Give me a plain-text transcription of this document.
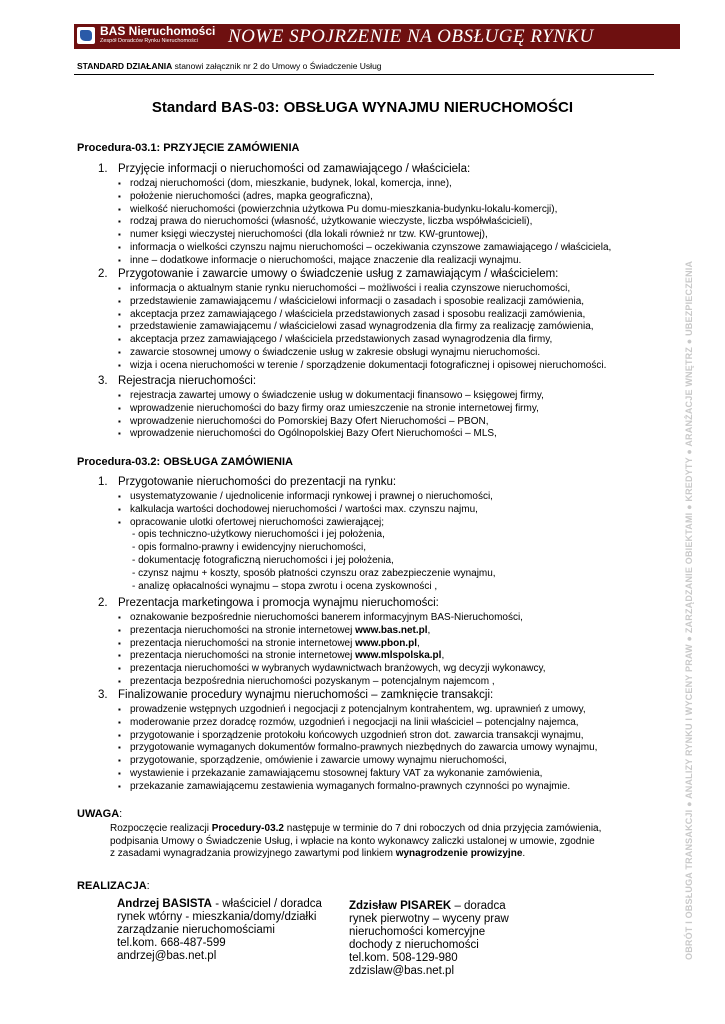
BAS Nieruchomości
Zespół Doradców Rynku Nieruchomości NOWE SPOJRZENIE NA OBSŁUGĘ RYNKU
STANDARD DZIAŁANIA stanowi załącznik nr 2 do Umowy o Świadczenie Usług
OBRÓT I OBSŁUGA TRANSAKCJI ● ANALIZY RYNKU I WYCENY PRAW ● ZARZĄDZANIE OBIEKTAMI ● KREDYTY ● ARANŻACJE WNĘTRZ ● UBEZPIECZENIA
Standard BAS-03: OBSŁUGA WYNAJMU NIERUCHOMOŚCI
Procedura-03.1: PRZYJĘCIE ZAMÓWIENIA
1. Przyjęcie informacji o nieruchomości od zamawiającego / właściciela:
▪ rodzaj nieruchomości (dom, mieszkanie, budynek, lokal, komercja, inne),
▪ położenie nieruchomości (adres, mapka geograficzna),
▪ wielkość nieruchomości (powierzchnia użytkowa Pu domu-mieszkania-budynku-lokalu-komercji),
▪ rodzaj prawa do nieruchomości (własność, użytkowanie wieczyste, liczba współwłaścicieli),
▪ numer księgi wieczystej nieruchomości (dla lokali również nr tzw. KW-gruntowej),
▪ informacja o wielkości czynszu najmu nieruchomości – oczekiwania czynszowe zamawiającego / właściciela,
▪ inne – dodatkowe informacje o nieruchomości, mające znaczenie dla realizacji wynajmu.
2. Przygotowanie i zawarcie umowy o świadczenie usług z zamawiającym / właścicielem:
▪ informacja o aktualnym stanie rynku nieruchomości – możliwości i realia czynszowe nieruchomości,
▪ przedstawienie zamawiającemu / właścicielowi informacji o zasadach i sposobie realizacji zamówienia,
▪ akceptacja przez zamawiającego / właściciela przedstawionych zasad i sposobu realizacji zamówienia,
▪ przedstawienie zamawiającemu / właścicielowi zasad wynagrodzenia dla firmy za realizację zamówienia,
▪ akceptacja przez zamawiającego / właściciela przedstawionych zasad wynagrodzenia dla firmy,
▪ zawarcie stosownej umowy o świadczenie usług w zakresie obsługi wynajmu nieruchomości.
▪ wizja i ocena nieruchomości w terenie / sporządzenie dokumentacji fotograficznej i opisowej nieruchomości.
3. Rejestracja nieruchomości:
▪ rejestracja zawartej umowy o świadczenie usług w dokumentacji finansowo – księgowej firmy,
▪ wprowadzenie nieruchomości do bazy firmy oraz umieszczenie na stronie internetowej firmy,
▪ wprowadzenie nieruchomości do Pomorskiej Bazy Ofert Nieruchomości – PBON,
▪ wprowadzenie nieruchomości do Ogólnopolskiej Bazy Ofert Nieruchomości – MLS,
Procedura-03.2: OBSŁUGA ZAMÓWIENIA
1. Przygotowanie nieruchomości do prezentacji na rynku:
▪ usystematyzowanie / ujednolicenie informacji rynkowej i prawnej o nieruchomości,
▪ kalkulacja wartości dochodowej nieruchomości / wartości max. czynszu najmu,
▪ opracowanie ulotki ofertowej nieruchomości zawierającej;
- opis techniczno-użytkowy nieruchomości i jej położenia,
- opis formalno-prawny i ewidencyjny nieruchomości,
- dokumentację fotograficzną nieruchomości i jej położenia,
- czynsz najmu + koszty, sposób płatności czynszu oraz zabezpieczenie wynajmu,
- analizę opłacalności wynajmu – stopa zwrotu i ocena zyskowności ,
2. Prezentacja marketingowa i promocja wynajmu nieruchomości:
▪ oznakowanie bezpośrednie nieruchomości banerem informacyjnym BAS-Nieruchomości,
▪ prezentacja nieruchomości na stronie internetowej www.bas.net.pl,
▪ prezentacja nieruchomości na stronie internetowej www.pbon.pl,
▪ prezentacja nieruchomości na stronie internetowej www.mlspolska.pl,
▪ prezentacja nieruchomości w wybranych wydawnictwach branżowych, wg decyzji wykonawcy,
▪ prezentacja bezpośrednia nieruchomości pozyskanym – potencjalnym najemcom ,
3. Finalizowanie procedury wynajmu nieruchomości – zamknięcie transakcji:
▪ prowadzenie wstępnych uzgodnień i negocjacji z potencjalnym kontrahentem, wg. uprawnień z umowy,
▪ moderowanie przez doradcę rozmów, uzgodnień i negocjacji na linii właściciel – potencjalny najemca,
▪ przygotowanie i sporządzenie protokołu końcowych uzgodnień stron dot. zawarcia transakcji wynajmu,
▪ przygotowanie wymaganych dokumentów formalno-prawnych niezbędnych do zawarcia umowy wynajmu,
▪ przygotowanie, sporządzenie, omówienie i zawarcie umowy wynajmu nieruchomości,
▪ wystawienie i przekazanie zamawiającemu stosownej faktury VAT za wykonanie zamówienia,
▪ przekazanie zamawiającemu zestawienia wymaganych formalno-prawnych czynności po wynajmie.
UWAGA:
Rozpoczęcie realizacji Procedury-03.2 następuje w terminie do 7 dni roboczych od dnia przyjęcia zamówienia,
podpisania Umowy o Świadczenie Usług, i wpłacie na konto wykonawcy zaliczki ustalonej w umowie, zgodnie
z zasadami wynagradzania prowizyjnego zawartymi pod linkiem wynagrodzenie prowizyjne.
REALIZACJA:
Andrzej BASISTA - właściciel / doradca
rynek wtórny - mieszkania/domy/działki
zarządzanie nieruchomościami
tel.kom. 668-487-599
andrzej@bas.net.pl
Zdzisław PISAREK – doradca
rynek pierwotny – wyceny praw
nieruchomości komercyjne
dochody z nieruchomości
tel.kom. 508-129-980
zdzislaw@bas.net.pl
